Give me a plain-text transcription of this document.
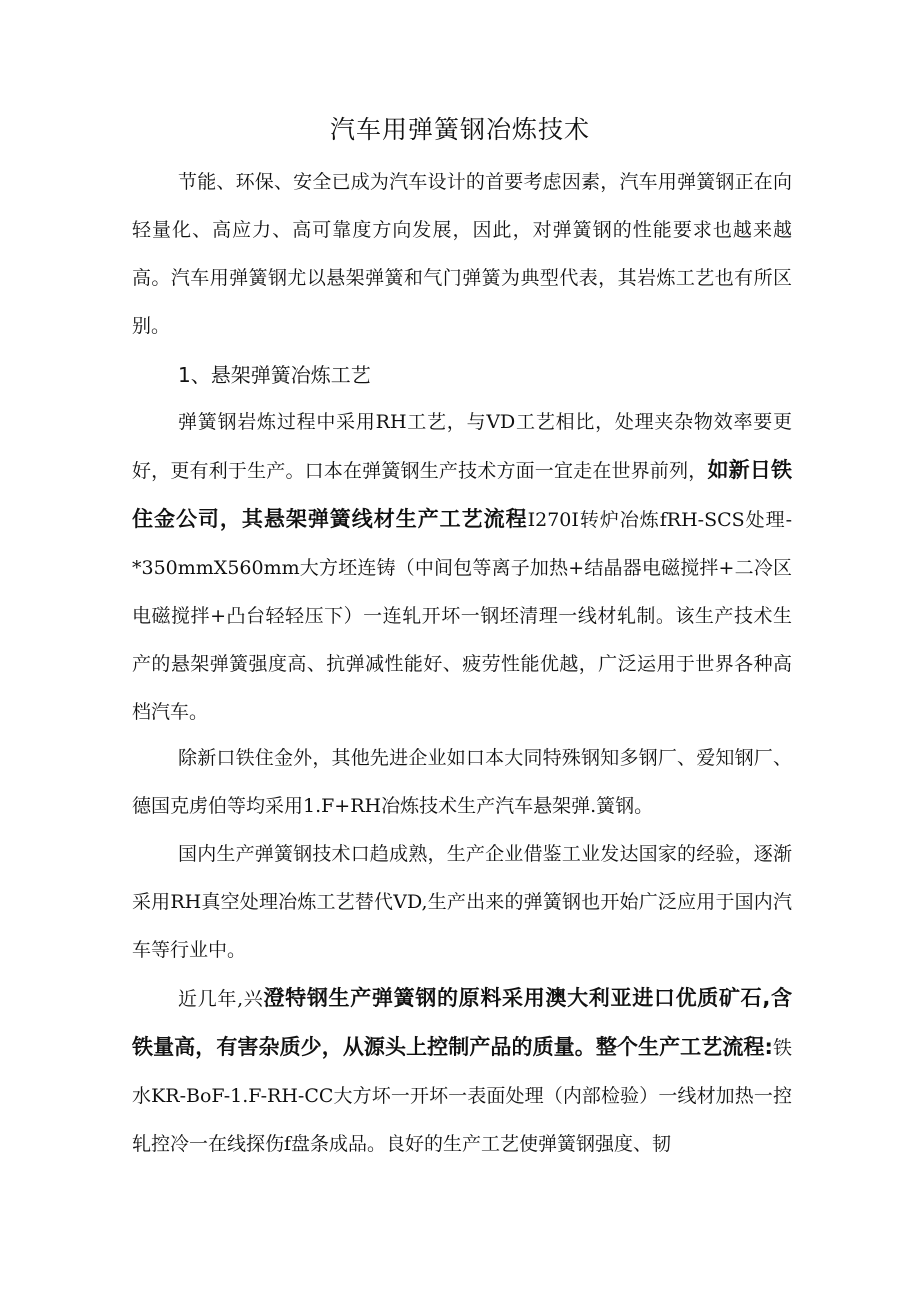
汽车用弹簧钢冶炼技术
节能、环保、安全已成为汽车设计的首要考虑因素，汽车用弹簧钢正在向轻量化、高应力、高可靠度方向发展，因此，对弹簧钢的性能要求也越来越高。汽车用弹簧钢尤以悬架弹簧和气门弹簧为典型代表，其岩炼工艺也有所区别。
1、悬架弹簧冶炼工艺
弹簧钢岩炼过程中采用RH工艺，与VD工艺相比，处理夹杂物效率要更好，更有利于生产。口本在弹簧钢生产技术方面一宜走在世界前列，如新日铁住金公司，其悬架弹簧线材生产工艺流程I270I转炉冶炼fRH-SCS处理-*350mmX560mm大方坯连铸（中间包等离子加热+结晶器电磁搅拌+二冷区电磁搅拌+凸台轻轻压下）一连轧开坏一钢坯清理一线材轧制。该生产技术生产的悬架弹簧强度高、抗弹减性能好、疲劳性能优越，广泛运用于世界各种高档汽车。
除新口铁住金外，其他先进企业如口本大同特殊钢知多钢厂、爱知钢厂、德国克虏伯等均采用1.F+RH冶炼技术生产汽车悬架弹.簧钢。
国内生产弹簧钢技术口趋成熟，生产企业借鉴工业发达国家的经验，逐渐采用RH真空处理冶炼工艺替代VD,生产出来的弹簧钢也开始广泛应用于国内汽车等行业中。
近几年,兴澄特钢生产弹簧钢的原料采用澳大利亚进口优质矿石,含铁量高，有害杂质少，从源头上控制产品的质量。整个生产工艺流程:铁水KR-BoF-1.F-RH-CC大方坏一开坏一表面处理（内部检验）一线材加热一控轧控冷一在线探伤f盘条成品。良好的生产工艺使弹簧钢强度、韧
